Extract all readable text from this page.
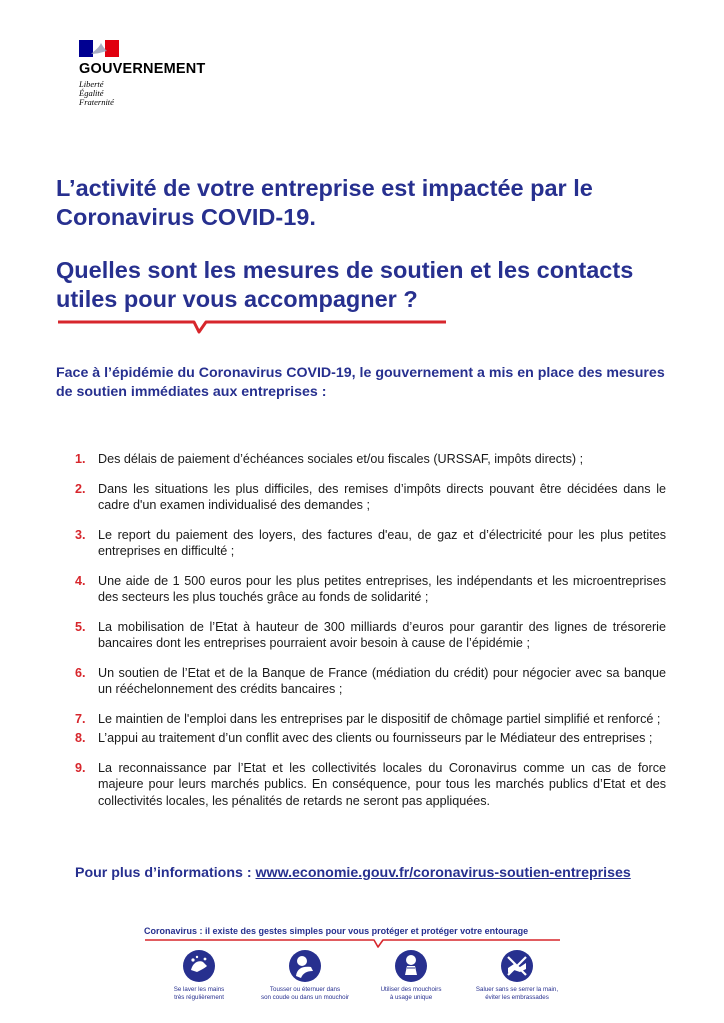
GOUVERNEMENT
Liberté
Égalité
Fraternité
L’activité de votre entreprise est impactée par le Coronavirus COVID-19.
Quelles sont les mesures de soutien et les contacts utiles pour vous accompagner ?

Face à l’épidémie du Coronavirus COVID-19, le gouvernement a mis en place des mesures de soutien immédiates aux entreprises :

1. Des délais de paiement d’échéances sociales et/ou fiscales (URSSAF, impôts directs) ;
2. Dans les situations les plus difficiles, des remises d’impôts directs pouvant être décidées dans le cadre d'un examen individualisé des demandes ;
3. Le report du paiement des loyers, des factures d'eau, de gaz et d’électricité pour les plus petites entreprises en difficulté ;
4. Une aide de 1 500 euros pour les plus petites entreprises, les indépendants et les microentreprises des secteurs les plus touchés grâce au fonds de solidarité ;
5. La mobilisation de l’Etat à hauteur de 300 milliards d’euros pour garantir des lignes de trésorerie bancaires dont les entreprises pourraient avoir besoin à cause de l’épidémie ;
6. Un soutien de l’Etat et de la Banque de France (médiation du crédit) pour négocier avec sa banque un rééchelonnement des crédits bancaires ;
7. Le maintien de l'emploi dans les entreprises par le dispositif de chômage partiel simplifié et renforcé ;
8. L’appui au traitement d’un conflit avec des clients ou fournisseurs par le Médiateur des entreprises ;
9. La reconnaissance par l’Etat et les collectivités locales du Coronavirus comme un cas de force majeure pour leurs marchés publics. En conséquence, pour tous les marchés publics d’Etat et des collectivités locales, les pénalités de retards ne seront pas appliquées.
Pour plus d’informations : www.economie.gouv.fr/coronavirus-soutien-entreprises
Coronavirus : il existe des gestes simples pour vous protéger et protéger votre entourage
Se laver les mains
très régulièrement
Tousser ou éternuer dans
son coude ou dans un mouchoir
Utiliser des mouchoirs
à usage unique
Saluer sans se serrer la main,
éviter les embrassades
